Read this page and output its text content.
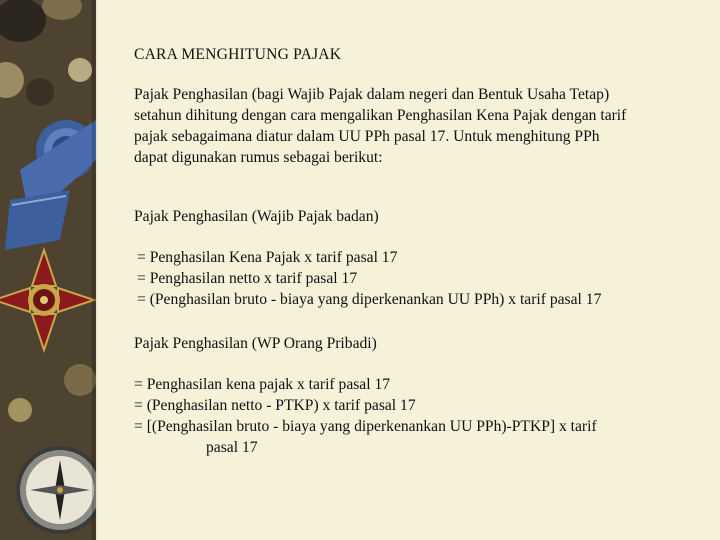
CARA MENGHITUNG PAJAK

Pajak Penghasilan (bagi Wajib Pajak dalam negeri dan Bentuk Usaha Tetap)

setahun dihitung dengan cara mengalikan Penghasilan Kena Pajak dengan tarif

pajak sebagaimana diatur dalam UU PPh pasal 17. Untuk menghitung PPh

dapat digunakan rumus sebagai berikut:

Pajak Penghasilan (Wajib Pajak badan)

= Penghasilan Kena Pajak x tarif pasal 17

= Penghasilan netto x tarif pasal 17

= (Penghasilan bruto - biaya yang diperkenankan UU PPh) x tarif pasal 17

Pajak Penghasilan (WP Orang Pribadi)

= Penghasilan kena pajak x tarif pasal 17

= (Penghasilan netto - PTKP) x tarif pasal 17

= [(Penghasilan bruto - biaya yang diperkenankan UU PPh)-PTKP] x tarif

pasal 17
